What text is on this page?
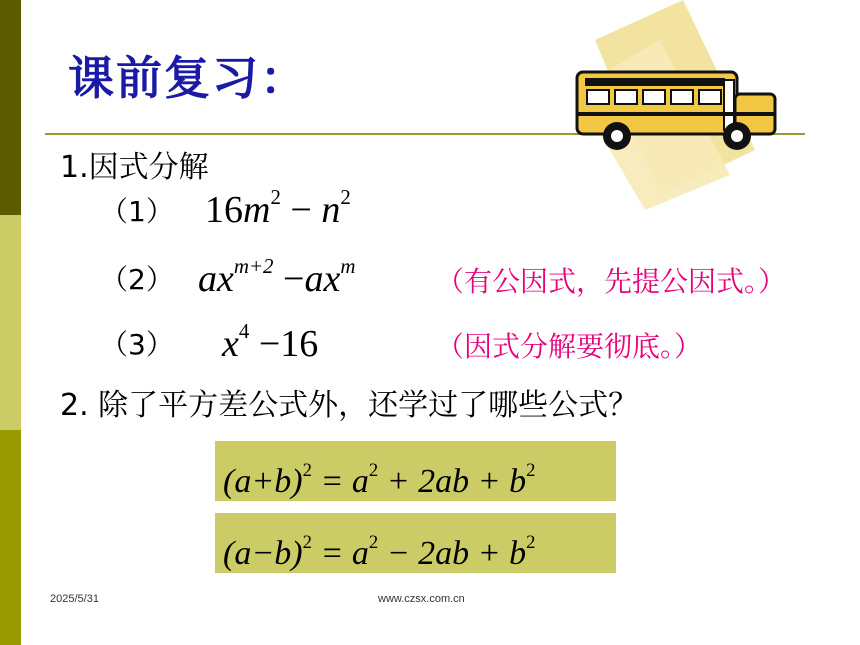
课前复习：
1.因式分解
（1） $16m^2 - n^2$
（2） $ax^{m+2} -ax^m$	（有公因式，先提公因式。）
（3） $x^4 -16$	（因式分解要彻底。）
2. 除了平方差公式外，还学过了哪些公式？
$(a+b)^2 = a^2 + 2ab + b^2$
$(a-b)^2 = a^2 - 2ab + b^2$
2025/5/31	www.czsx.com.cn
